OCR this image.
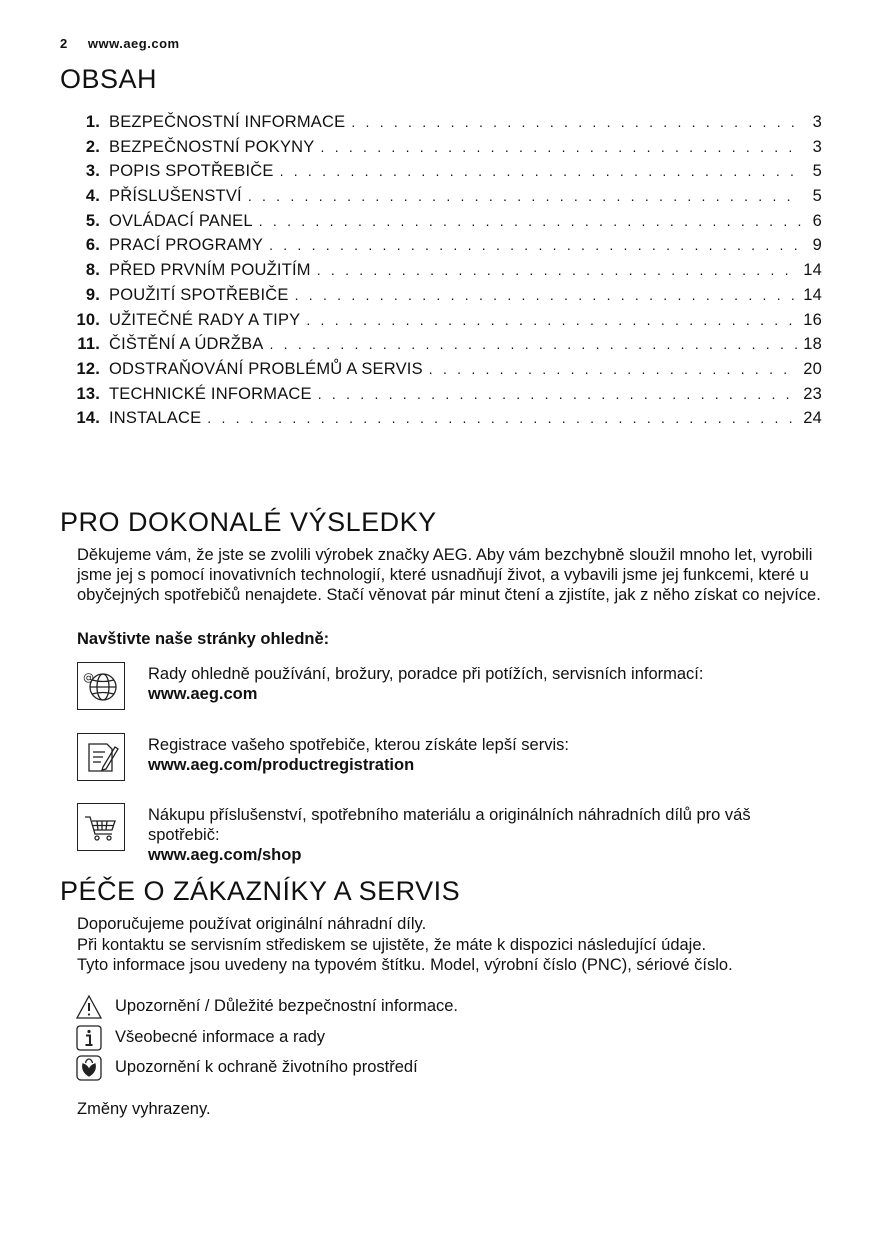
2 www.aeg.com
OBSAH
1. BEZPEČNOSTNÍ INFORMACE . . .	3
2. BEZPEČNOSTNÍ POKYNY . . .	3
3. POPIS SPOTŘEBIČE . . .	5
4. PŘÍSLUŠENSTVÍ . . .	5
5. OVLÁDACÍ PANEL . . .	6
6. PRACÍ PROGRAMY . . .	9
8. PŘED PRVNÍM POUŽITÍM . . .	14
9. POUŽITÍ SPOTŘEBIČE . . .	14
10. UŽITEČNÉ RADY A TIPY . . .	16
11. ČIŠTĚNÍ A ÚDRŽBA . . .	18
12. ODSTRAŇOVÁNÍ PROBLÉMŮ A SERVIS . . .	20
13. TECHNICKÉ INFORMACE . . .	23
14. INSTALACE . . .	24
PRO DOKONALÉ VÝSLEDKY
Děkujeme vám, že jste se zvolili výrobek značky AEG. Aby vám bezchybně sloužil mnoho let, vyrobili jsme jej s pomocí inovativních technologií, které usnadňují život, a vybavili jsme jej funkcemi, které u obyčejných spotřebičů nenajdete. Stačí věnovat pár minut čtení a zjistíte, jak z něho získat co nejvíce.
Navštivte naše stránky ohledně:
@	Rady ohledně používání, brožury, poradce při potížích, servisních informací:
www.aeg.com
Registrace vašeho spotřebiče, kterou získáte lepší servis:
www.aeg.com/productregistration
Nákupu příslušenství, spotřebního materiálu a originálních náhradních dílů pro váš spotřebič:
www.aeg.com/shop
PÉČE O ZÁKAZNÍKY A SERVIS
Doporučujeme používat originální náhradní díly.
Při kontaktu se servisním střediskem se ujistěte, že máte k dispozici následující údaje.
Tyto informace jsou uvedeny na typovém štítku. Model, výrobní číslo (PNC), sériové číslo.
Upozornění / Důležité bezpečnostní informace.
Všeobecné informace a rady
Upozornění k ochraně životního prostředí
Změny vyhrazeny.
